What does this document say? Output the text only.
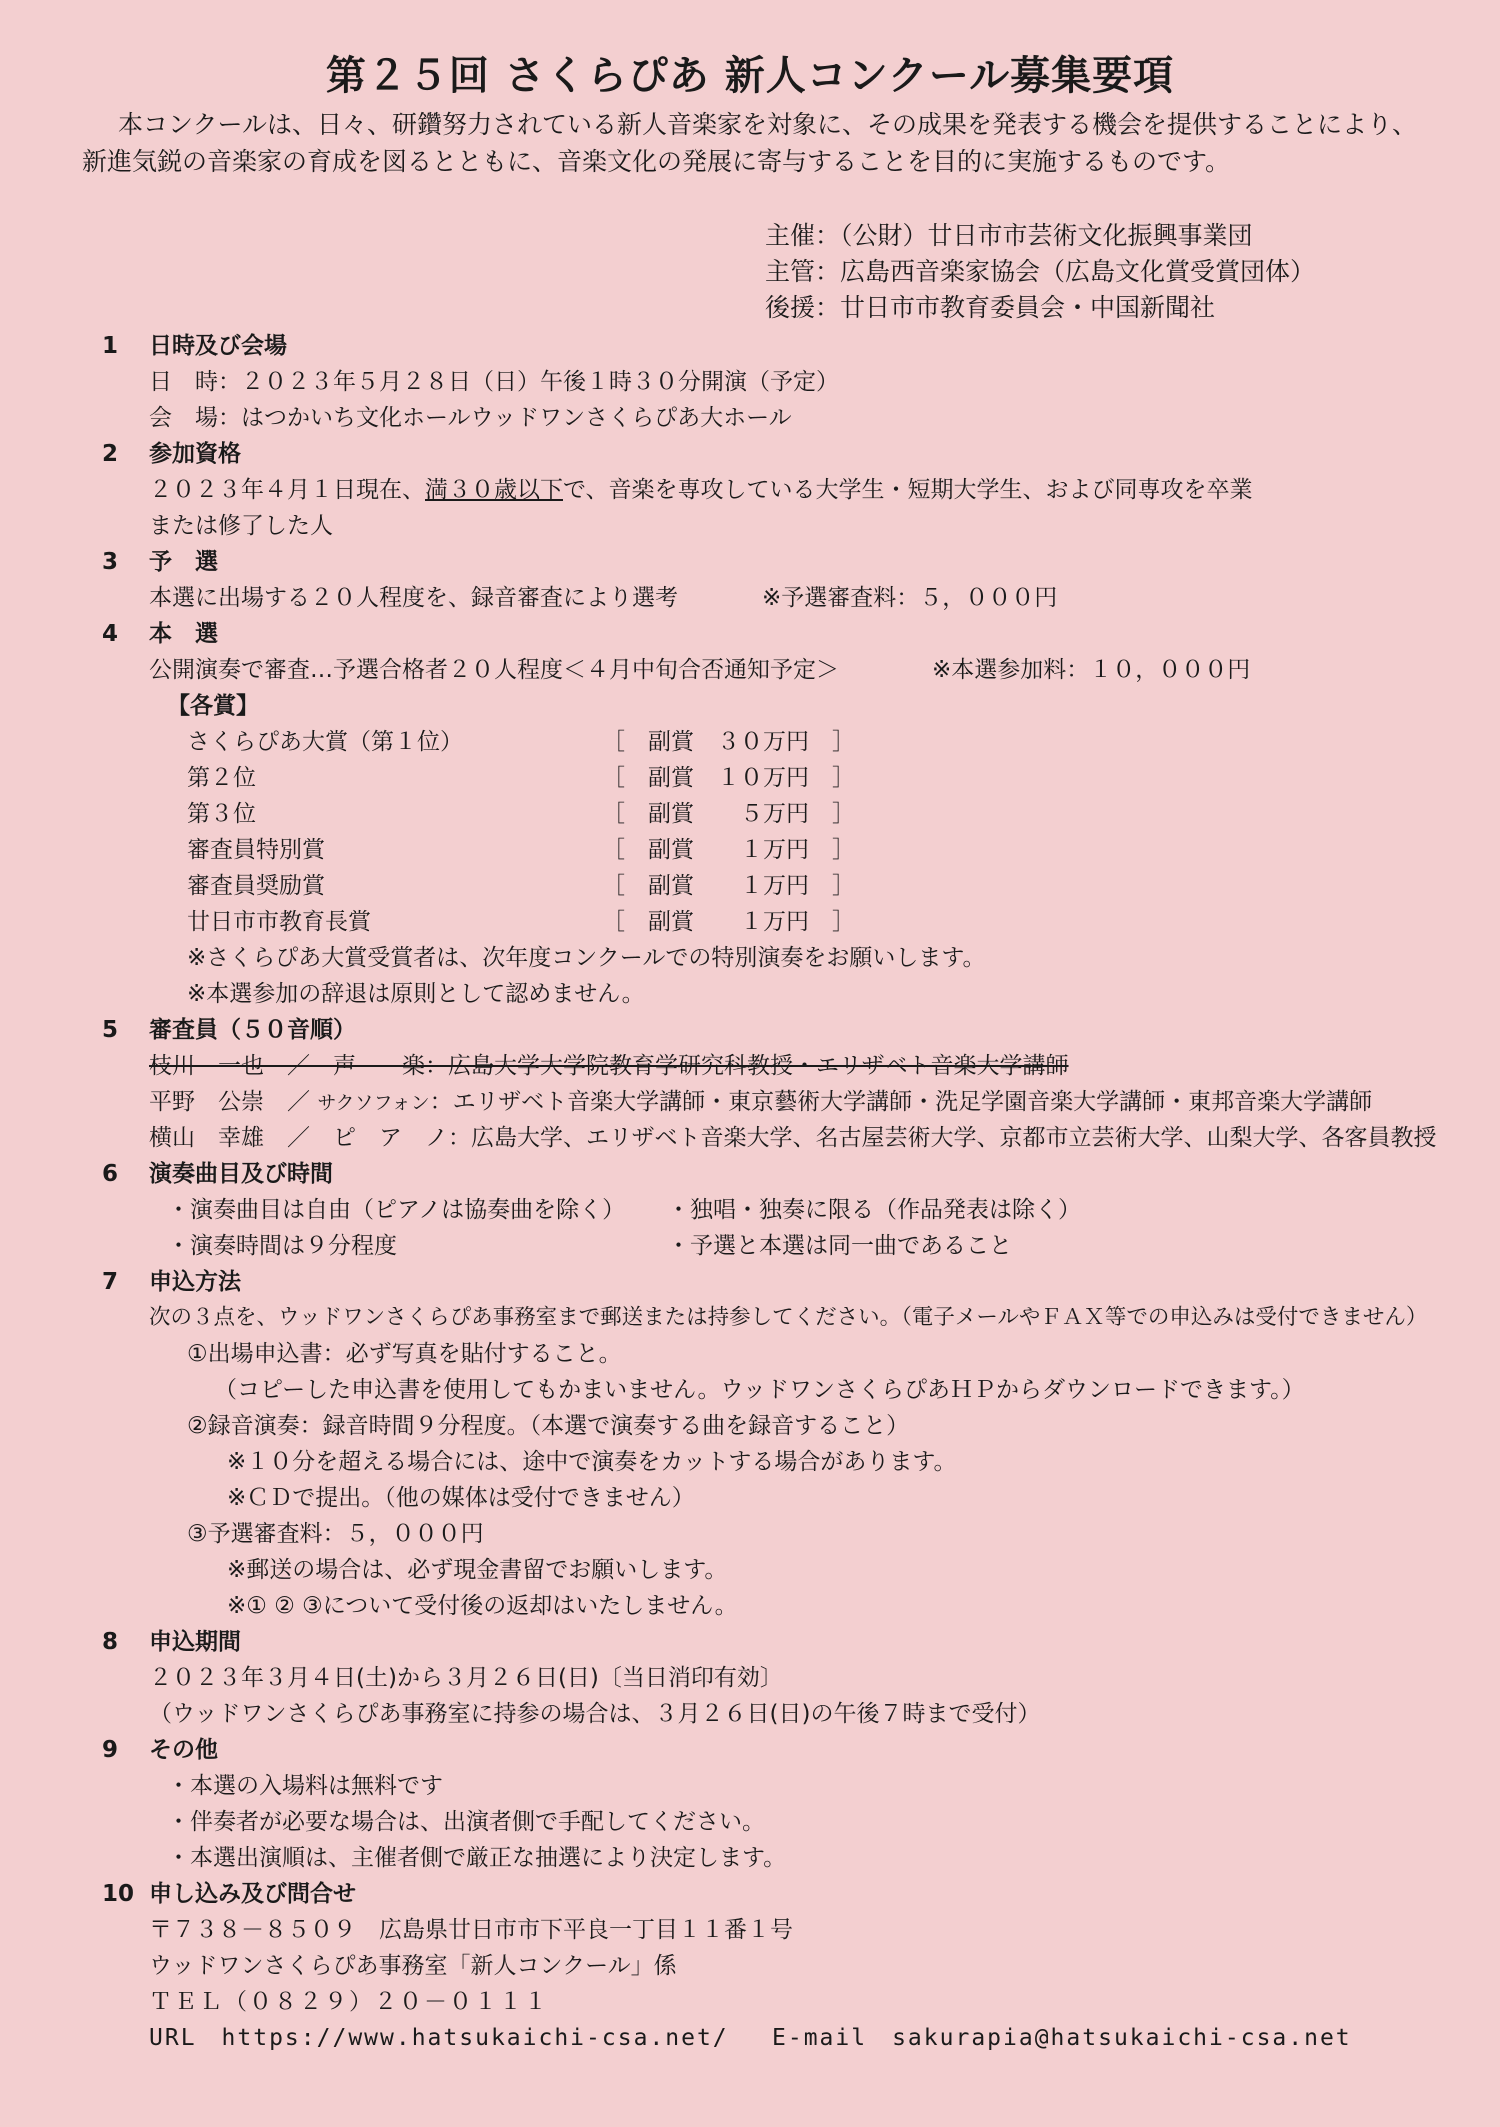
第２５回 さくらぴあ 新人コンクール募集要項

本コンクールは、日々、研鑽努力されている新人音楽家を対象に、その成果を発表する機会を提供することにより、

新進気鋭の音楽家の育成を図るとともに、音楽文化の発展に寄与することを目的に実施するものです。

主催：（公財）廿日市市芸術文化振興事業団
主管：広島西音楽家協会（広島文化賞受賞団体）
後援：廿日市市教育委員会・中国新聞社
1 日時及び会場
日　時：２０２３年５月２８日（日）午後１時３０分開演（予定）
会　場：はつかいち文化ホールウッドワンさくらぴあ大ホール
2 参加資格
２０２３年４月１日現在、満３０歳以下で、音楽を専攻している大学生・短期大学生、および同専攻を卒業
または修了した人
3 予　選
本選に出場する２０人程度を、録音審査により選考	※予選審査料：５，０００円
4 本　選
公開演奏で審査…予選合格者２０人程度＜４月中旬合否通知予定＞	※本選参加料：１０，０００円
【各賞】
さくらぴあ大賞（第１位）	［　副賞　３０万円　］
第２位	［　副賞　１０万円　］
第３位	［　副賞　　５万円　］
審査員特別賞	［　副賞　　１万円　］
審査員奨励賞	［　副賞　　１万円　］
廿日市市教育長賞	［　副賞　　１万円　］
※さくらぴあ大賞受賞者は、次年度コンクールでの特別演奏をお願いします。
※本選参加の辞退は原則として認めません。
5 審査員（５０音順）
枝川　一也　／　声　　楽：広島大学大学院教育学研究科教授・エリザベト音楽大学講師
平野　公崇　／ サクソフォン：エリザベト音楽大学講師・東京藝術大学講師・洗足学園音楽大学講師・東邦音楽大学講師
横山　幸雄　／　ピ　ア　ノ：広島大学、エリザベト音楽大学、名古屋芸術大学、京都市立芸術大学、山梨大学、各客員教授
6 演奏曲目及び時間
・演奏曲目は自由（ピアノは協奏曲を除く） ・独唱・独奏に限る（作品発表は除く）
・演奏時間は９分程度	・予選と本選は同一曲であること
7 申込方法
次の３点を、ウッドワンさくらぴあ事務室まで郵送または持参してください。（電子メールやＦＡＸ等での申込みは受付できません）
①出場申込書：必ず写真を貼付すること。
（コピーした申込書を使用してもかまいません。ウッドワンさくらぴあＨＰからダウンロードできます。）
②録音演奏：録音時間９分程度。（本選で演奏する曲を録音すること）
※１０分を超える場合には、途中で演奏をカットする場合があります。
※ＣＤで提出。（他の媒体は受付できません）
③予選審査料：５，０００円
※郵送の場合は、必ず現金書留でお願いします。
※① ② ③について受付後の返却はいたしません。
8 申込期間
２０２３年３月４日(土)から３月２６日(日)〔当日消印有効〕
（ウッドワンさくらぴあ事務室に持参の場合は、３月２６日(日)の午後７時まで受付）
9 その他
・本選の入場料は無料です
・伴奏者が必要な場合は、出演者側で手配してください。
・本選出演順は、主催者側で厳正な抽選により決定します。
10 申し込み及び問合せ
〒７３８－８５０９　広島県廿日市市下平良一丁目１１番１号
ウッドワンさくらぴあ事務室「新人コンクール」係
ＴＥＬ（０８２９）２０－０１１１
URL　https://www.hatsukaichi-csa.net/ E-mail　sakurapia@hatsukaichi-csa.net
